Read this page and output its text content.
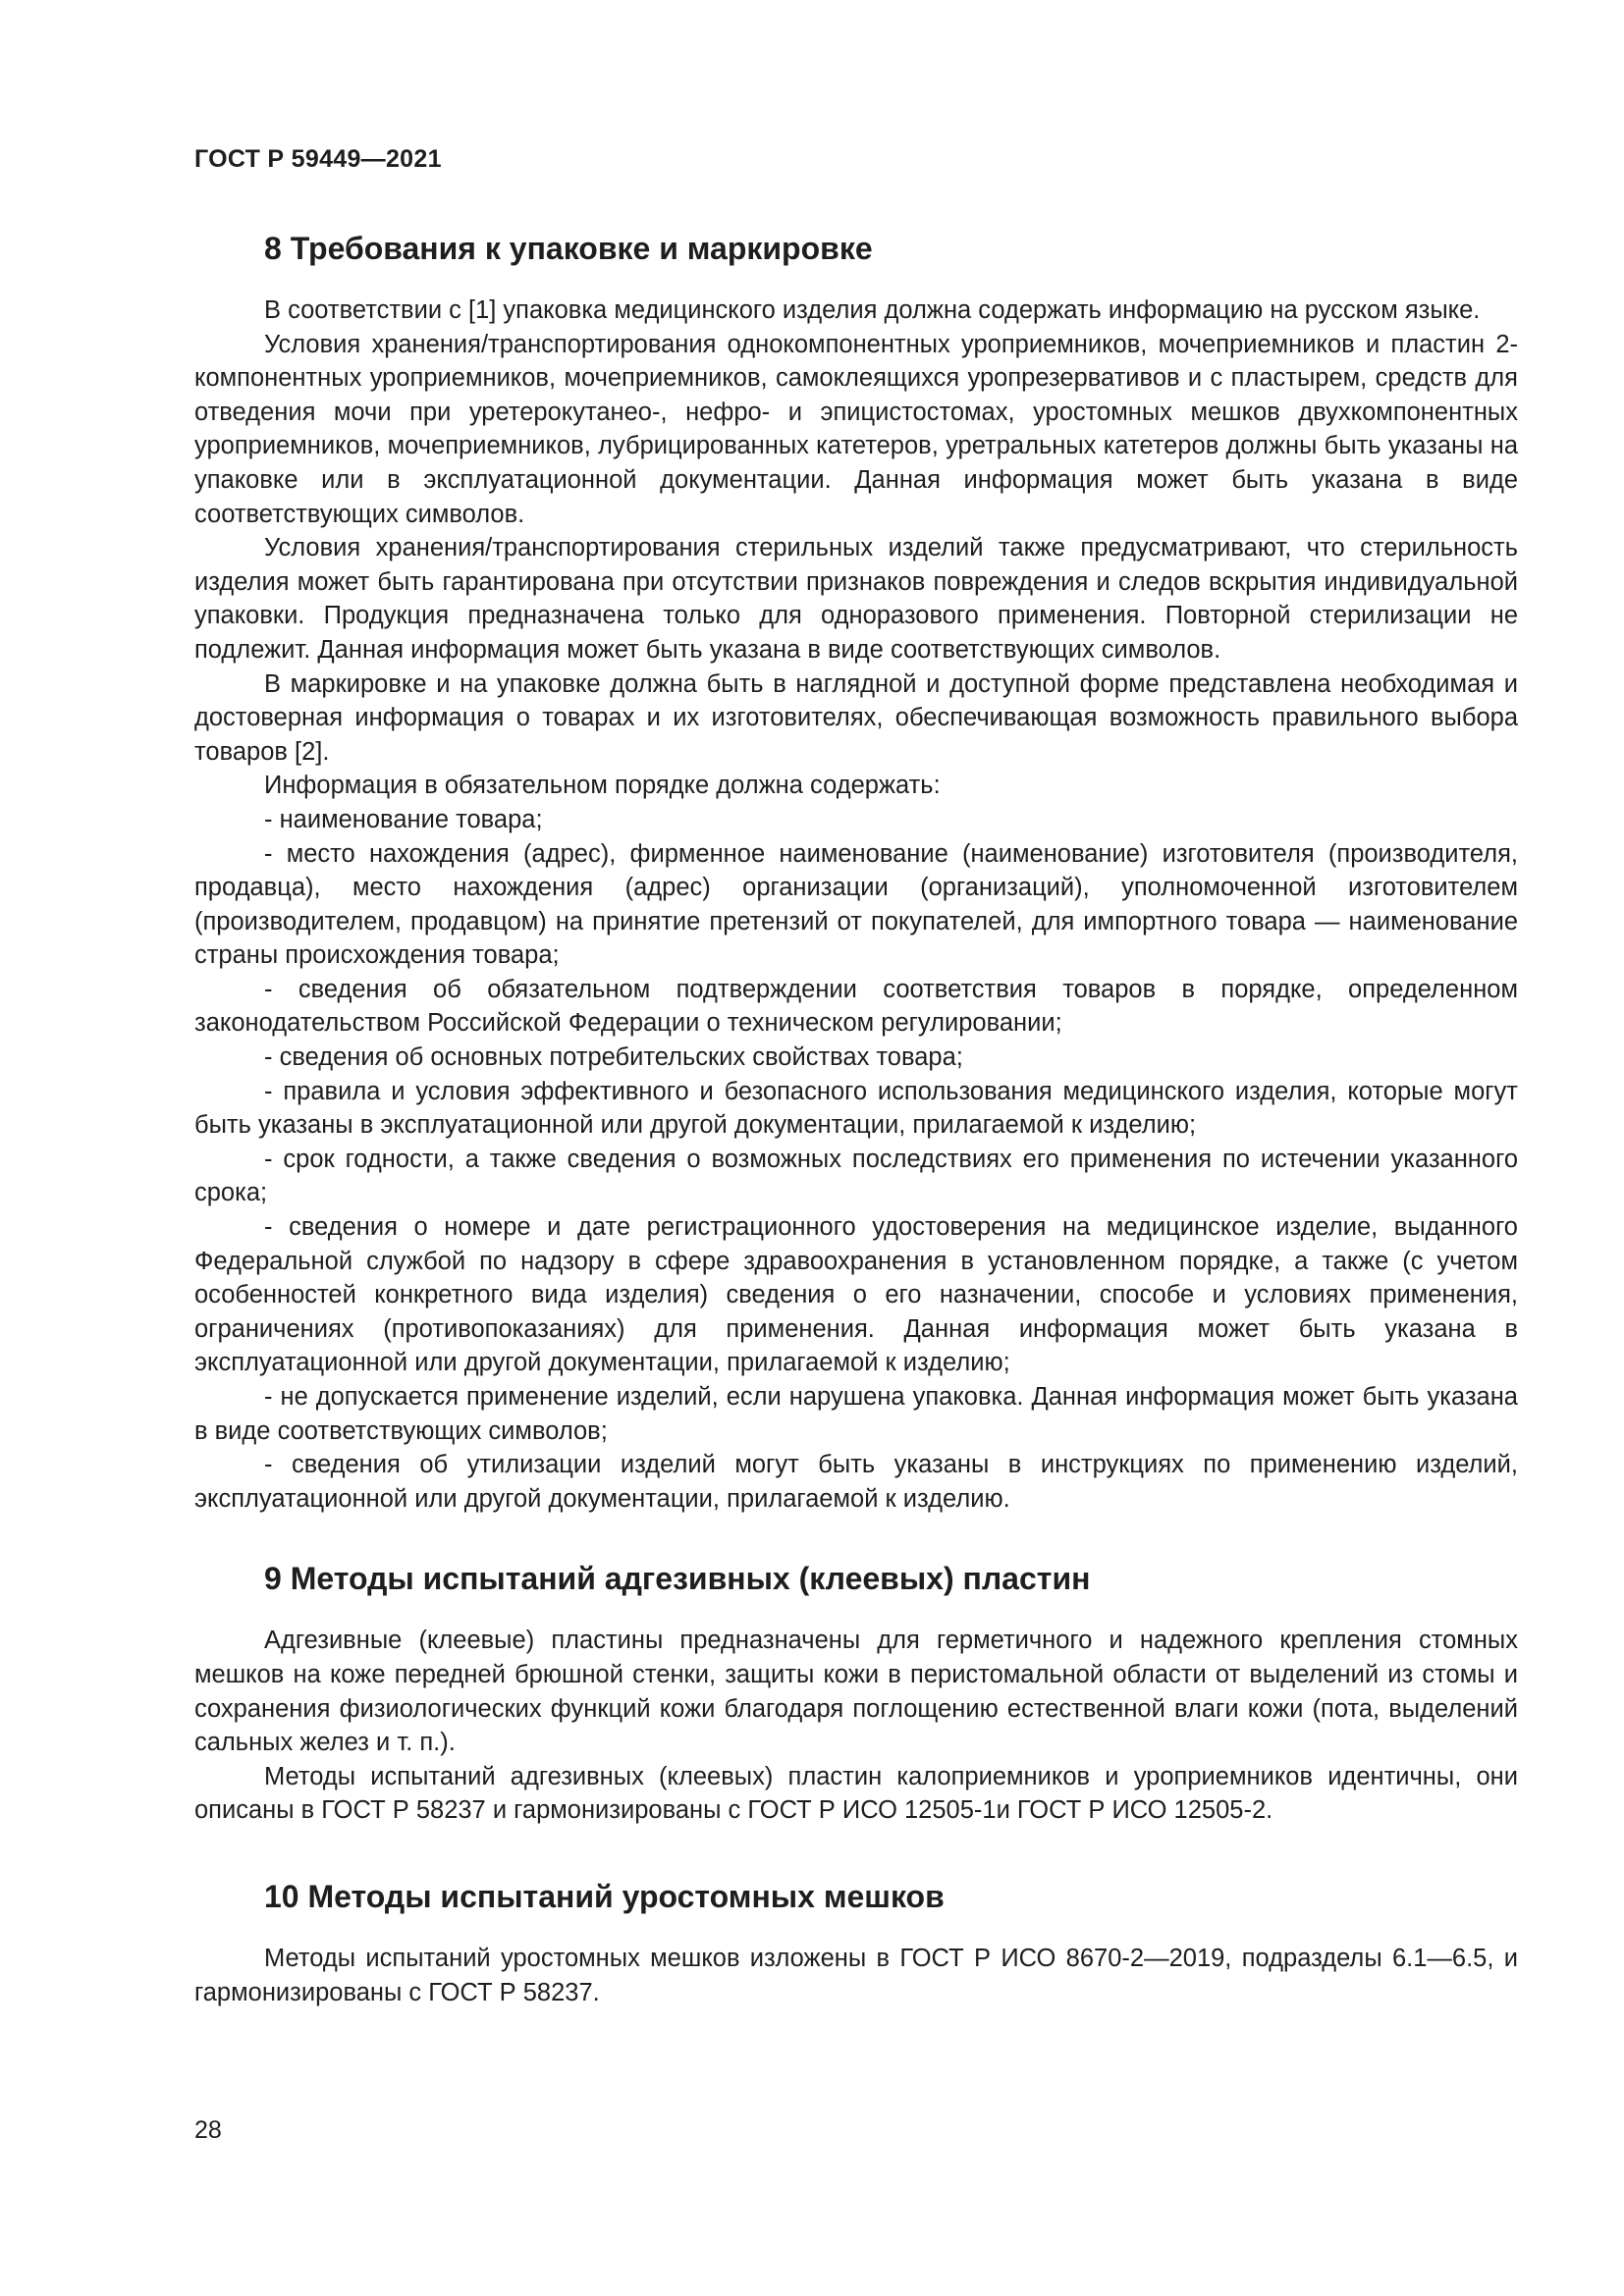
ГОСТ Р 59449—2021
8 Требования к упаковке и маркировке

В соответствии с [1] упаковка медицинского изделия должна содержать информацию на русском языке.

Условия хранения/транспортирования однокомпонентных уроприемников, мочеприемников и пластин 2-компонентных уроприемников, мочеприемников, самоклеящихся уропрезервативов и с пластырем, средств для отведения мочи при уретерокутанео-, нефро- и эпицистостомах, уростомных мешков двухкомпонентных уроприемников, мочеприемников, лубрицированных катетеров, уретральных катетеров должны быть указаны на упаковке или в эксплуатационной документации. Данная информация может быть указана в виде соответствующих символов.

Условия хранения/транспортирования стерильных изделий также предусматривают, что стерильность изделия может быть гарантирована при отсутствии признаков повреждения и следов вскрытия индивидуальной упаковки. Продукция предназначена только для одноразового применения. Повторной стерилизации не подлежит. Данная информация может быть указана в виде соответствующих символов.

В маркировке и на упаковке должна быть в наглядной и доступной форме представлена необходимая и достоверная информация о товарах и их изготовителях, обеспечивающая возможность правильного выбора товаров [2].

Информация в обязательном порядке должна содержать:

- наименование товара;

- место нахождения (адрес), фирменное наименование (наименование) изготовителя (производителя, продавца), место нахождения (адрес) организации (организаций), уполномоченной изготовителем (производителем, продавцом) на принятие претензий от покупателей, для импортного товара — наименование страны происхождения товара;

- сведения об обязательном подтверждении соответствия товаров в порядке, определенном законодательством Российской Федерации о техническом регулировании;

- сведения об основных потребительских свойствах товара;

- правила и условия эффективного и безопасного использования медицинского изделия, которые могут быть указаны в эксплуатационной или другой документации, прилагаемой к изделию;

- срок годности, а также сведения о возможных последствиях его применения по истечении указанного срока;

- сведения о номере и дате регистрационного удостоверения на медицинское изделие, выданного Федеральной службой по надзору в сфере здравоохранения в установленном порядке, а также (с учетом особенностей конкретного вида изделия) сведения о его назначении, способе и условиях применения, ограничениях (противопоказаниях) для применения. Данная информация может быть указана в эксплуатационной или другой документации, прилагаемой к изделию;

- не допускается применение изделий, если нарушена упаковка. Данная информация может быть указана в виде соответствующих символов;

- сведения об утилизации изделий могут быть указаны в инструкциях по применению изделий, эксплуатационной или другой документации, прилагаемой к изделию.

9 Методы испытаний адгезивных (клеевых) пластин

Адгезивные (клеевые) пластины предназначены для герметичного и надежного крепления стомных мешков на коже передней брюшной стенки, защиты кожи в перистомальной области от выделений из стомы и сохранения физиологических функций кожи благодаря поглощению естественной влаги кожи (пота, выделений сальных желез и т. п.).

Методы испытаний адгезивных (клеевых) пластин калоприемников и уроприемников идентичны, они описаны в ГОСТ Р 58237 и гармонизированы с ГОСТ Р ИСО 12505-1и ГОСТ Р ИСО 12505-2.

10 Методы испытаний уростомных мешков

Методы испытаний уростомных мешков изложены в ГОСТ Р ИСО 8670-2—2019, подразделы 6.1—6.5, и гармонизированы с ГОСТ Р 58237.

28
